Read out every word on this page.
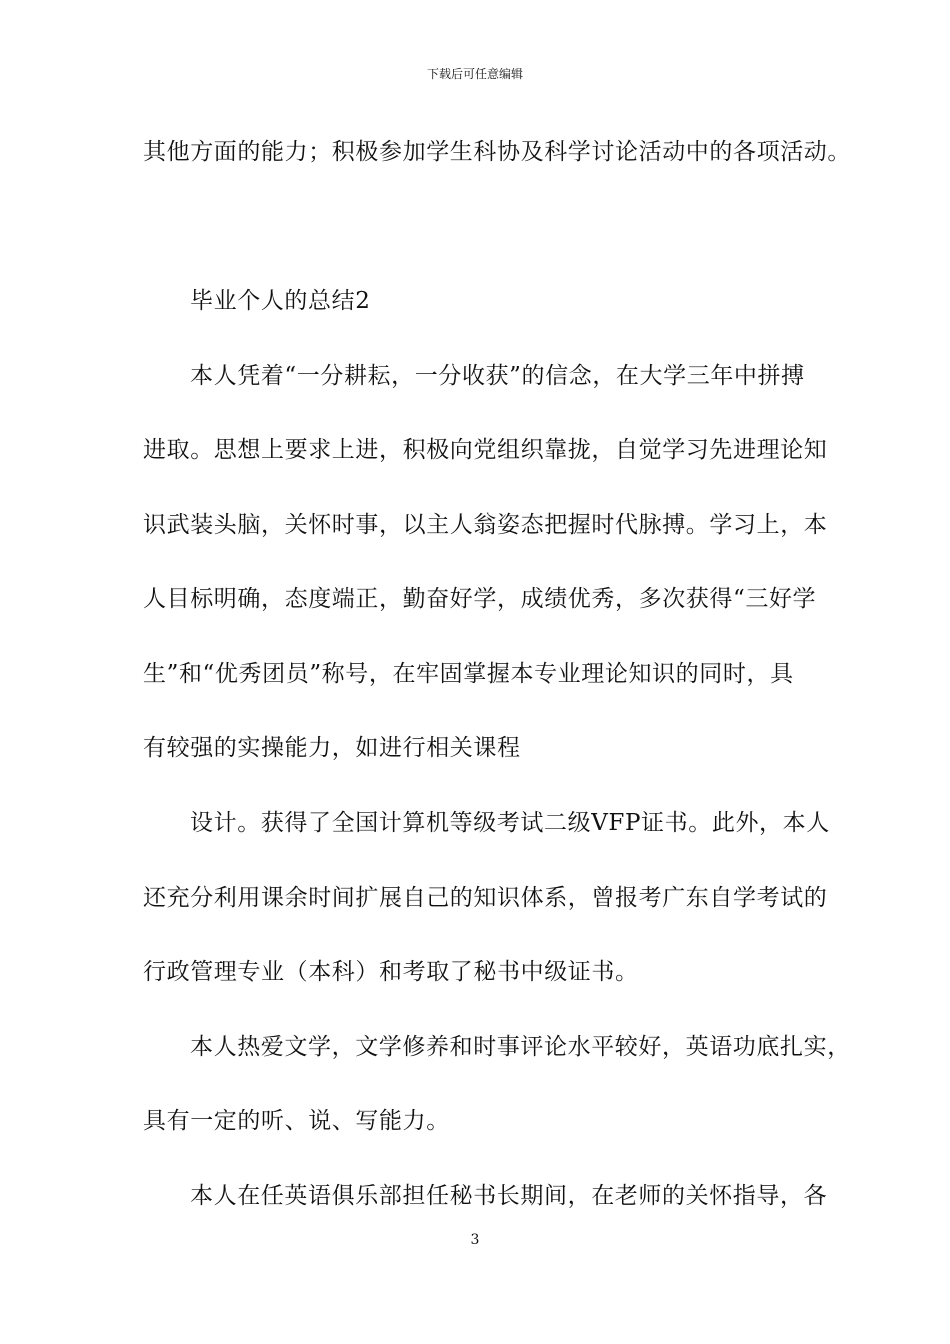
下载后可任意编辑
其他方面的能力；积极参加学生科协及科学讨论活动中的各项活动。
毕业个人的总结2
本人凭着“一分耕耘，一分收获”的信念，在大学三年中拼搏
进取。思想上要求上进，积极向党组织靠拢，自觉学习先进理论知
识武装头脑，关怀时事，以主人翁姿态把握时代脉搏。学习上，本
人目标明确，态度端正，勤奋好学，成绩优秀，多次获得“三好学
生”和“优秀团员”称号，在牢固掌握本专业理论知识的同时，具
有较强的实操能力，如进行相关课程
设计。获得了全国计算机等级考试二级VFP证书。此外，本人
还充分利用课余时间扩展自己的知识体系，曾报考广东自学考试的
行政管理专业（本科）和考取了秘书中级证书。
本人热爱文学，文学修养和时事评论水平较好，英语功底扎实，
具有一定的听、说、写能力。
本人在任英语俱乐部担任秘书长期间，在老师的关怀指导，各
3
